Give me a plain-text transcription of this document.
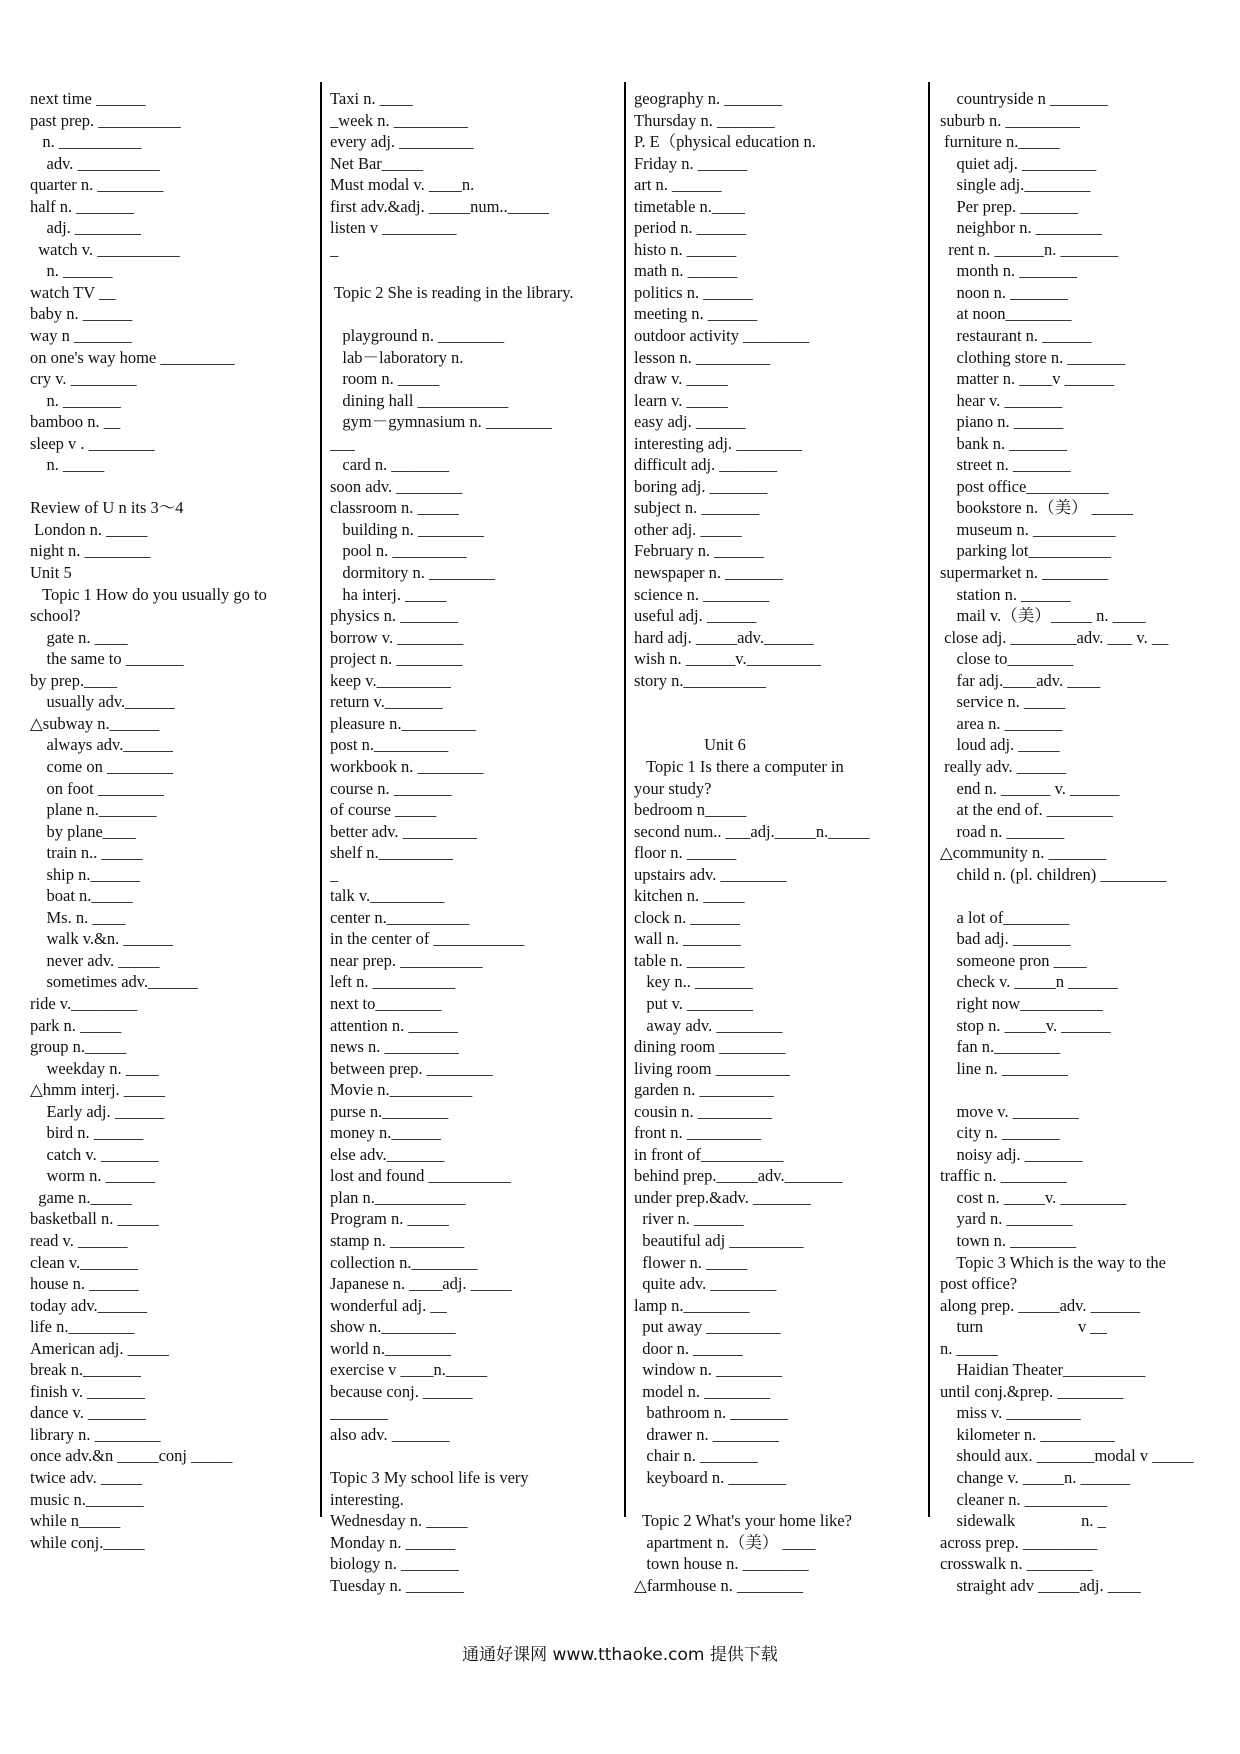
next time ______
past prep. __________
n. __________
adv. __________
quarter n. ________
half n. _______
adj. ________
watch v. __________
n. ______
watch TV __
baby n. ______
way n _______
on one's way home _________
cry v. ________
n. _______
bamboo n. __
sleep v . ________
n. _____
Review of U n its 3～4
London n. _____
night n. ________
Unit 5
Topic 1 How do you usually go to
school?
gate n. ____
the same to _______
by prep.____
usually adv.______
△subway n.______
always adv.______
come on ________
on foot ________
plane n._______
by plane____
train n.. _____
ship n.______
boat n._____
Ms. n. ____
walk v.&n. ______
never adv. _____
sometimes adv.______
ride v.________
park n. _____
group n._____
weekday n. ____
△hmm interj. _____
Early adj. ______
bird n. ______
catch v. _______
worm n. ______
game n._____
basketball n. _____
read v. ______
clean v._______
house n. ______
today adv.______
life n.________
American adj. _____
break n._______
finish v. _______
dance v. _______
library n. ________
once adv.&n _____conj _____
twice adv. _____
music n._______
while n_____
while conj._____
Taxi n. ____
_week n. _________
every adj. _________
Net Bar_____
Must modal v. ____n.
first adv.&adj. _____num.._____
listen v _________
_
Topic 2 She is reading in the library.
playground n. ________
lab－laboratory n.
room n. _____
dining hall ___________
gym－gymnasium n. ________
___
card n. _______
soon adv. ________
classroom n. _____
building n. ________
pool n. _________
dormitory n. ________
ha interj. _____
physics n. _______
borrow v. ________
project n. ________
keep v._________
return v._______
pleasure n._________
post n._________
workbook n. ________
course n. _______
of course _____
better adv. _________
shelf n._________
_
talk v._________
center n.__________
in the center of ___________
near prep. __________
left n. __________
next to________
attention n. ______
news n. _________
between prep. ________
Movie n.__________
purse n.________
money n.______
else adv._______
lost and found __________
plan n.___________
Program n. _____
stamp n. _________
collection n.________
Japanese n. ____adj. _____
wonderful adj. __
show n._________
world n.________
exercise v ____n._____
because conj. ______
_______
also adv. _______
Topic 3 My school life is very
interesting.
Wednesday n. _____
Monday n. ______
biology n. _______
Tuesday n. _______
geography n. _______
Thursday n. _______
P. E（physical education n.
Friday n. ______
art n. ______
timetable n.____
period n. ______
histo n. ______
math n. ______
politics n. ______
meeting n. ______
outdoor activity ________
lesson n. _________
draw v. _____
learn v. _____
easy adj. ______
interesting adj. ________
difficult adj. _______
boring adj. _______
subject n. _______
other adj. _____
February n. ______
newspaper n. _______
science n. ________
useful adj. ______
hard adj. _____adv.______
wish n. ______v._________
story n.__________
Unit 6
Topic 1 Is there a computer in
your study?
bedroom n_____
second num.. ___adj._____n._____
floor n. ______
upstairs adv. ________
kitchen n. _____
clock n. ______
wall n. _______
table n. _______
key n.. _______
put v. ________
away adv. ________
dining room ________
living room _________
garden n. _________
cousin n. _________
front n. _________
in front of__________
behind prep._____adv._______
under prep.&adv. _______
river n. ______
beautiful adj _________
flower n. _____
quite adv. ________
lamp n.________
put away _________
door n. ______
window n. ________
model n. ________
bathroom n. _______
drawer n. ________
chair n. _______
keyboard n. _______
Topic 2 What's your home like?
apartment n.（美） ____
town house n. ________
△farmhouse n. ________
countryside n _______
suburb n. _________
furniture n._____
quiet adj. _________
single adj.________
Per prep. _______
neighbor n. ________
rent n. ______n. _______
month n. _______
noon n. _______
at noon________
restaurant n. ______
clothing store n. _______
matter n. ____v ______
hear v. _______
piano n. ______
bank n. _______
street n. _______
post office__________
bookstore n.（美） _____
museum n. __________
parking lot__________
supermarket n. ________
station n. ______
mail v.（美）_____ n. ____
close adj. ________adv. ___ v. __
close to________
far adj.____adv. ____
service n. _____
area n. _______
loud adj. _____
really adv. ______
end n. ______ v. ______
at the end of. ________
road n. _______
△community n. _______
child n. (pl. children) ________
a lot of________
bad adj. _______
someone pron ____
check v. _____n ______
right now__________
stop n. _____v. ______
fan n.________
line n. ________
move v. ________
city n. _______
noisy adj. _______
traffic n. ________
cost n. _____v. ________
yard n. ________
town n. ________
Topic 3 Which is the way to the
post office?
along prep. _____adv. ______
turn                       v __
n. _____
Haidian Theater__________
until conj.&prep. ________
miss v. _________
kilometer n. _________
should aux. _______modal v _____
change v. _____n. ______
cleaner n. __________
sidewalk                n. _
across prep. _________
crosswalk n. ________
straight adv _____adj. ____
通通好课网 www.tthaoke.com 提供下载
